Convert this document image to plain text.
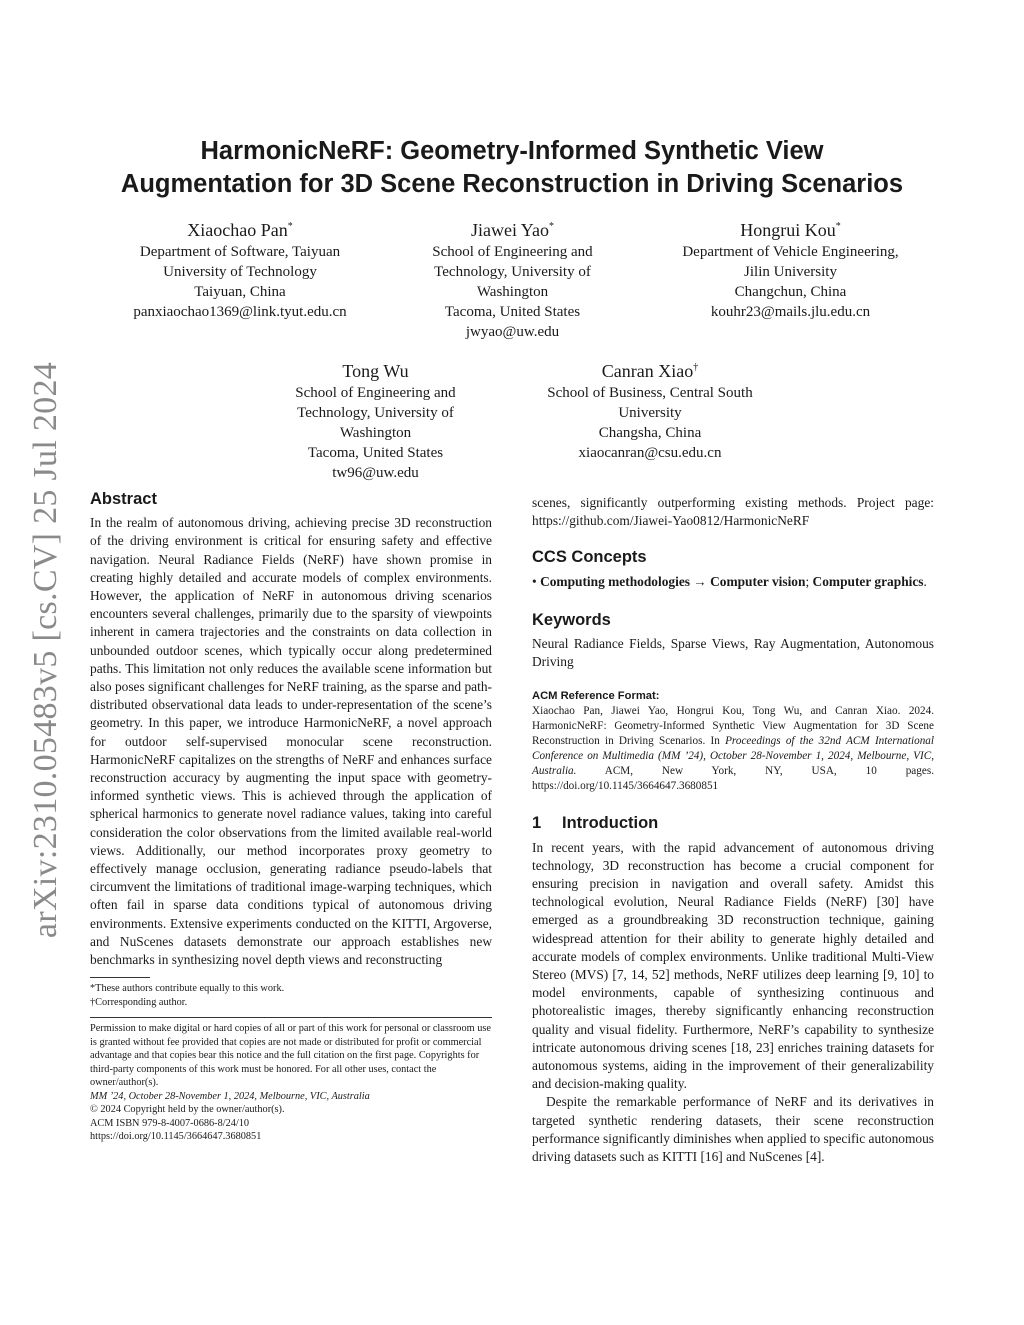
arXiv:2310.05483v5 [cs.CV] 25 Jul 2024
HarmonicNeRF: Geometry-Informed Synthetic View
Augmentation for 3D Scene Reconstruction in Driving Scenarios
Xiaochao Pan*
Department of Software, Taiyuan
University of Technology
Taiyuan, China
panxiaochao1369@link.tyut.edu.cn
Jiawei Yao*
School of Engineering and
Technology, University of
Washington
Tacoma, United States
jwyao@uw.edu
Hongrui Kou*
Department of Vehicle Engineering,
Jilin University
Changchun, China
kouhr23@mails.jlu.edu.cn
Tong Wu
School of Engineering and
Technology, University of
Washington
Tacoma, United States
tw96@uw.edu
Canran Xiao†
School of Business, Central South
University
Changsha, China
xiaocanran@csu.edu.cn
Abstract

In the realm of autonomous driving, achieving precise 3D reconstruction of the driving environment is critical for ensuring safety and effective navigation. Neural Radiance Fields (NeRF) have shown promise in creating highly detailed and accurate models of complex environments. However, the application of NeRF in autonomous driving scenarios encounters several challenges, primarily due to the sparsity of viewpoints inherent in camera trajectories and the constraints on data collection in unbounded outdoor scenes, which typically occur along predetermined paths. This limitation not only reduces the available scene information but also poses significant challenges for NeRF training, as the sparse and path-distributed observational data leads to under-representation of the scene’s geometry. In this paper, we introduce HarmonicNeRF, a novel approach for outdoor self-supervised monocular scene reconstruction. HarmonicNeRF capitalizes on the strengths of NeRF and enhances surface reconstruction accuracy by augmenting the input space with geometry-informed synthetic views. This is achieved through the application of spherical harmonics to generate novel radiance values, taking into careful consideration the color observations from the limited available real-world views. Additionally, our method incorporates proxy geometry to effectively manage occlusion, generating radiance pseudo-labels that circumvent the limitations of traditional image-warping techniques, which often fail in sparse data conditions typical of autonomous driving environments. Extensive experiments conducted on the KITTI, Argoverse, and NuScenes datasets demonstrate our approach establishes new benchmarks in synthesizing novel depth views and reconstructing

*These authors contribute equally to this work.
†Corresponding author.
Permission to make digital or hard copies of all or part of this work for personal or classroom use is granted without fee provided that copies are not made or distributed for profit or commercial advantage and that copies bear this notice and the full citation on the first page. Copyrights for third-party components of this work must be honored. For all other uses, contact the owner/author(s).
MM ’24, October 28-November 1, 2024, Melbourne, VIC, Australia
© 2024 Copyright held by the owner/author(s).
ACM ISBN 979-8-4007-0686-8/24/10
https://doi.org/10.1145/3664647.3680851

scenes, significantly outperforming existing methods. Project page: https://github.com/Jiawei-Yao0812/HarmonicNeRF

CCS Concepts

• Computing methodologies → Computer vision; Computer graphics.

Keywords

Neural Radiance Fields, Sparse Views, Ray Augmentation, Autonomous Driving

ACM Reference Format:
Xiaochao Pan, Jiawei Yao, Hongrui Kou, Tong Wu, and Canran Xiao. 2024. HarmonicNeRF: Geometry-Informed Synthetic View Augmentation for 3D Scene Reconstruction in Driving Scenarios. In Proceedings of the 32nd ACM International Conference on Multimedia (MM ’24), October 28-November 1, 2024, Melbourne, VIC, Australia. ACM, New York, NY, USA, 10 pages. https://doi.org/10.1145/3664647.3680851
1 Introduction

In recent years, with the rapid advancement of autonomous driving technology, 3D reconstruction has become a crucial component for ensuring precision in navigation and overall safety. Amidst this technological evolution, Neural Radiance Fields (NeRF) [30] have emerged as a groundbreaking 3D reconstruction technique, gaining widespread attention for their ability to generate highly detailed and accurate models of complex environments. Unlike traditional Multi-View Stereo (MVS) [7, 14, 52] methods, NeRF utilizes deep learning [9, 10] to model environments, capable of synthesizing continuous and photorealistic images, thereby significantly enhancing reconstruction quality and visual fidelity. Furthermore, NeRF’s capability to synthesize intricate autonomous driving scenes [18, 23] enriches training datasets for autonomous systems, aiding in the improvement of their generalizability and decision-making quality.

Despite the remarkable performance of NeRF and its derivatives in targeted synthetic rendering datasets, their scene reconstruction performance significantly diminishes when applied to specific autonomous driving datasets such as KITTI [16] and NuScenes [4].
